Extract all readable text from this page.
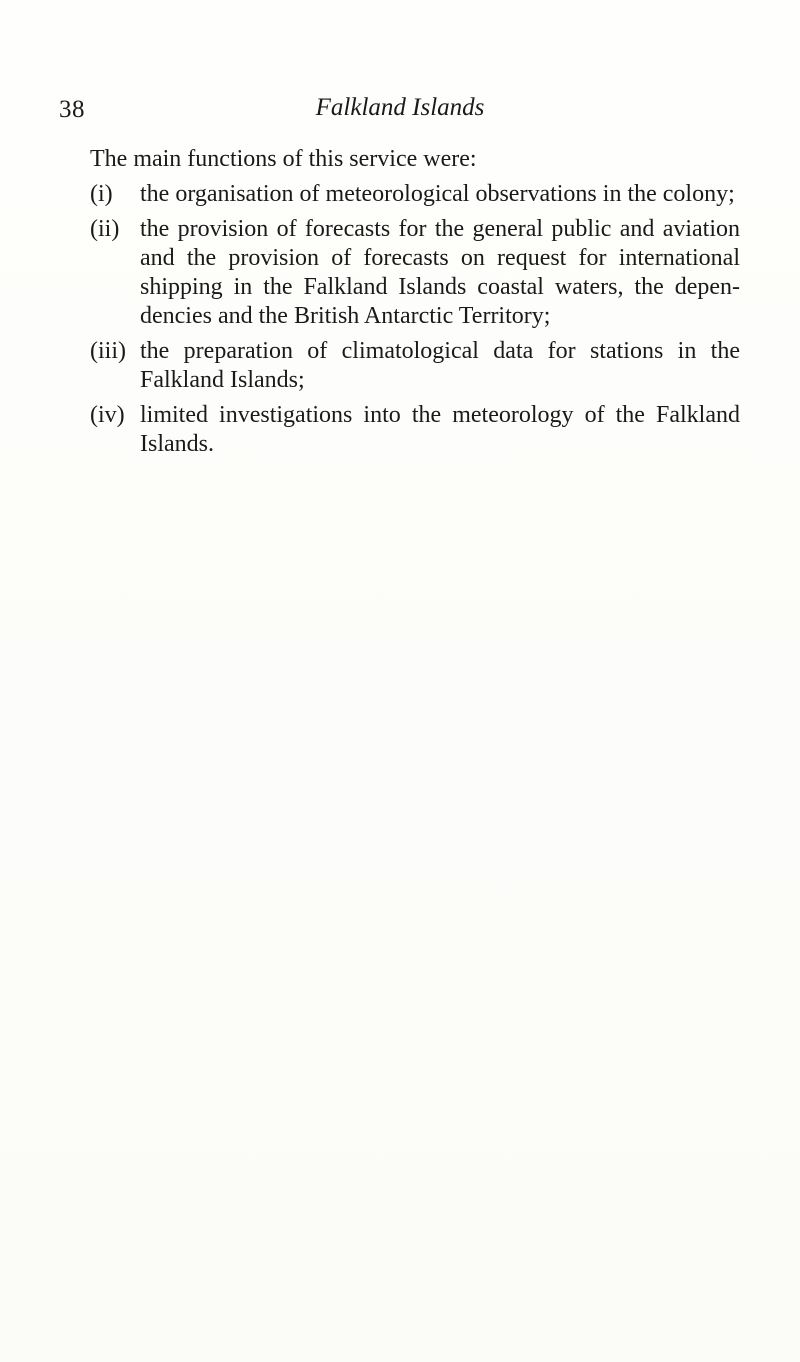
38	Falkland Islands

The main functions of this service were:

(i)	the organisation of meteorological observations in the colony;
(ii) the provision of forecasts for the general public and aviation and the provision of forecasts on request for international shipping in the Falkland Islands coastal waters, the dependencies and the British Antarctic Territory;
(iii) the preparation of climatological data for stations in the Falkland Islands;
(iv) limited investigations into the meteorology of the Falkland Islands.
